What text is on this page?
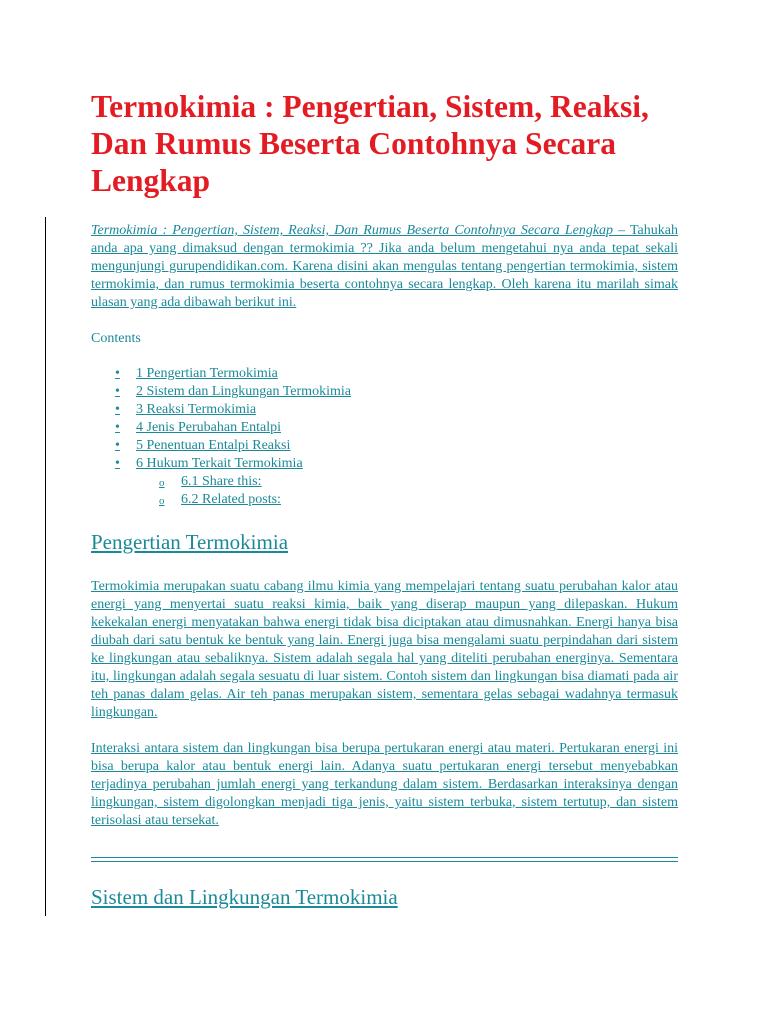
Termokimia : Pengertian, Sistem, Reaksi, Dan Rumus Beserta Contohnya Secara Lengkap

Termokimia : Pengertian, Sistem, Reaksi, Dan Rumus Beserta Contohnya Secara Lengkap – Tahukah anda apa yang dimaksud dengan termokimia ?? Jika anda belum mengetahui nya anda tepat sekali mengunjungi gurupendidikan.com. Karena disini akan mengulas tentang pengertian termokimia, sistem termokimia, dan rumus termokimia beserta contohnya secara lengkap. Oleh karena itu marilah simak ulasan yang ada dibawah berikut ini.

Contents
• 1 Pengertian Termokimia
• 2 Sistem dan Lingkungan Termokimia
• 3 Reaksi Termokimia
• 4 Jenis Perubahan Entalpi
• 5 Penentuan Entalpi Reaksi
• 6 Hukum Terkait Termokimia
o 6.1 Share this:
o 6.2 Related posts:
Pengertian Termokimia

Termokimia merupakan suatu cabang ilmu kimia yang mempelajari tentang suatu perubahan kalor atau energi yang menyertai suatu reaksi kimia, baik yang diserap maupun yang dilepaskan. Hukum kekekalan energi menyatakan bahwa energi tidak bisa diciptakan atau dimusnahkan. Energi hanya bisa diubah dari satu bentuk ke bentuk yang lain. Energi juga bisa mengalami suatu perpindahan dari sistem ke lingkungan atau sebaliknya. Sistem adalah segala hal yang diteliti perubahan energinya. Sementara itu, lingkungan adalah segala sesuatu di luar sistem. Contoh sistem dan lingkungan bisa diamati pada air teh panas dalam gelas. Air teh panas merupakan sistem, sementara gelas sebagai wadahnya termasuk lingkungan.

Interaksi antara sistem dan lingkungan bisa berupa pertukaran energi atau materi. Pertukaran energi ini bisa berupa kalor atau bentuk energi lain. Adanya suatu pertukaran energi tersebut menyebabkan terjadinya perubahan jumlah energi yang terkandung dalam sistem. Berdasarkan interaksinya dengan lingkungan, sistem digolongkan menjadi tiga jenis, yaitu sistem terbuka, sistem tertutup, dan sistem terisolasi atau tersekat.

Sistem dan Lingkungan Termokimia
